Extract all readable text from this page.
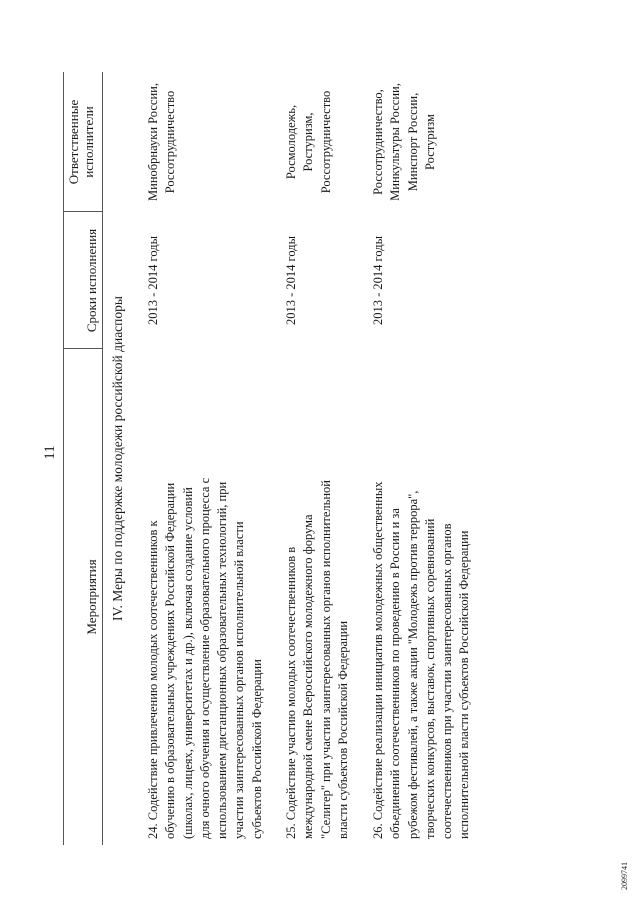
11
Мероприятия
Сроки исполнения
Ответственные исполнители
IV. Меры по поддержке молодежи российской диаспоры
24. Содействие привлечению молодых соотечественников к обучению в образовательных учреждениях Российской Федерации (школах, лицеях, университетах и др.), включая создание условий для очного обучения и осуществление образовательного процесса с использованием дистанционных образовательных технологий, при участии заинтересованных органов исполнительной власти субъектов Российской Федерации
2013 - 2014 годы
Минобрнауки России, Россотрудничество
25. Содействие участию молодых соотечественников в международной смене Всероссийского молодежного форума "Селигер" при участии заинтересованных органов исполнительной власти субъектов Российской Федерации
2013 - 2014 годы
Росмолодежь, Ростуризм, Россотрудничество
26. Содействие реализации инициатив молодежных общественных объединений соотечественников по проведению в России и за рубежом фестивалей, а также акции "Молодежь против террора", творческих конкурсов, выставок, спортивных соревнований соотечественников при участии заинтересованных органов исполнительной власти субъектов Российской Федерации
2013 - 2014 годы
Россотрудничество, Минкультуры России, Минспорт России, Ростуризм
2099741
